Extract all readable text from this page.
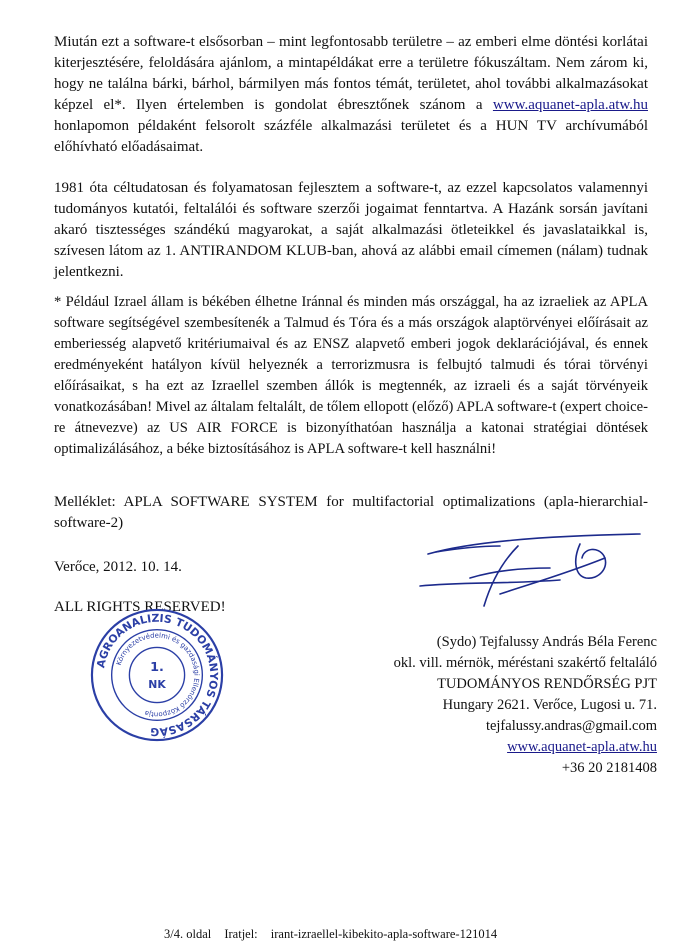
Miután ezt a software-t elsősorban – mint legfontosabb területre – az emberi elme döntési korlátai kiterjesztésére, feloldására ajánlom, a mintapéldákat erre a területre fókuszáltam. Nem zárom ki, hogy ne találna bárki, bárhol, bármilyen más fontos témát, területet, ahol további alkalmazásokat képzel el*. Ilyen értelemben is gondolat ébresztőnek szánom a www.aquanet-apla.atw.hu honlapomon példaként felsorolt százféle alkalmazási területet és a HUN TV archívumából előhívható előadásaimat.

1981 óta céltudatosan és folyamatosan fejlesztem a software-t, az ezzel kapcsolatos valamennyi tudományos kutatói, feltalálói és software szerzői jogaimat fenntartva. A Hazánk sorsán javítani akaró tisztességes szándékú magyarokat, a saját alkalmazási ötleteikkel és javaslataikkal is, szívesen látom az 1. ANTIRANDOM KLUB-ban, ahová az alábbi email címemen (nálam) tudnak jelentkezni.

* Például Izrael állam is békében élhetne Iránnal és minden más országgal, ha az izraeliek az APLA software segítségével szembesítenék a Talmud és Tóra és a más országok alaptörvényei előírásait az emberiesség alapvető kritériumaival és az ENSZ alapvető emberi jogok deklarációjával, és ennek eredményeként hatályon kívül helyeznék a terrorizmusra is felbujtó talmudi és tórai törvényi előírásaikat, s ha ezt az Izraellel szemben állók is megtennék, az izraeli és a saját törvényeik vonatkozásában! Mivel az általam feltalált, de tőlem ellopott (előző) APLA software-t (expert choice-re átnevezve) az US AIR FORCE is bizonyíthatóan használja a katonai stratégiai döntések optimalizálásához, a béke biztosításához is APLA software-t kell használni!

Melléklet: APLA SOFTWARE SYSTEM for multifactorial optimalizations (apla-hierarchial-software-2)

Verőce, 2012. 10. 14.
ALL RIGHTS RESERVED!
AGROANALIZIS TUDOMÁNYOS TÁRSASÁG
Környezetvédelmi és gazdasági Ellenőrző Központja
1.
NK
(Sydo) Tejfalussy András Béla Ferenc
okl. vill. mérnök, méréstani szakértő feltaláló
TUDOMÁNYOS RENDŐRSÉG PJT
Hungary 2621. Verőce, Lugosi u. 71.
tejfalussy.andras@gmail.com
www.aquanet-apla.atw.hu
+36 20 2181408
3/4. oldal Iratjel: irant-izraellel-kibekito-apla-software-121014
